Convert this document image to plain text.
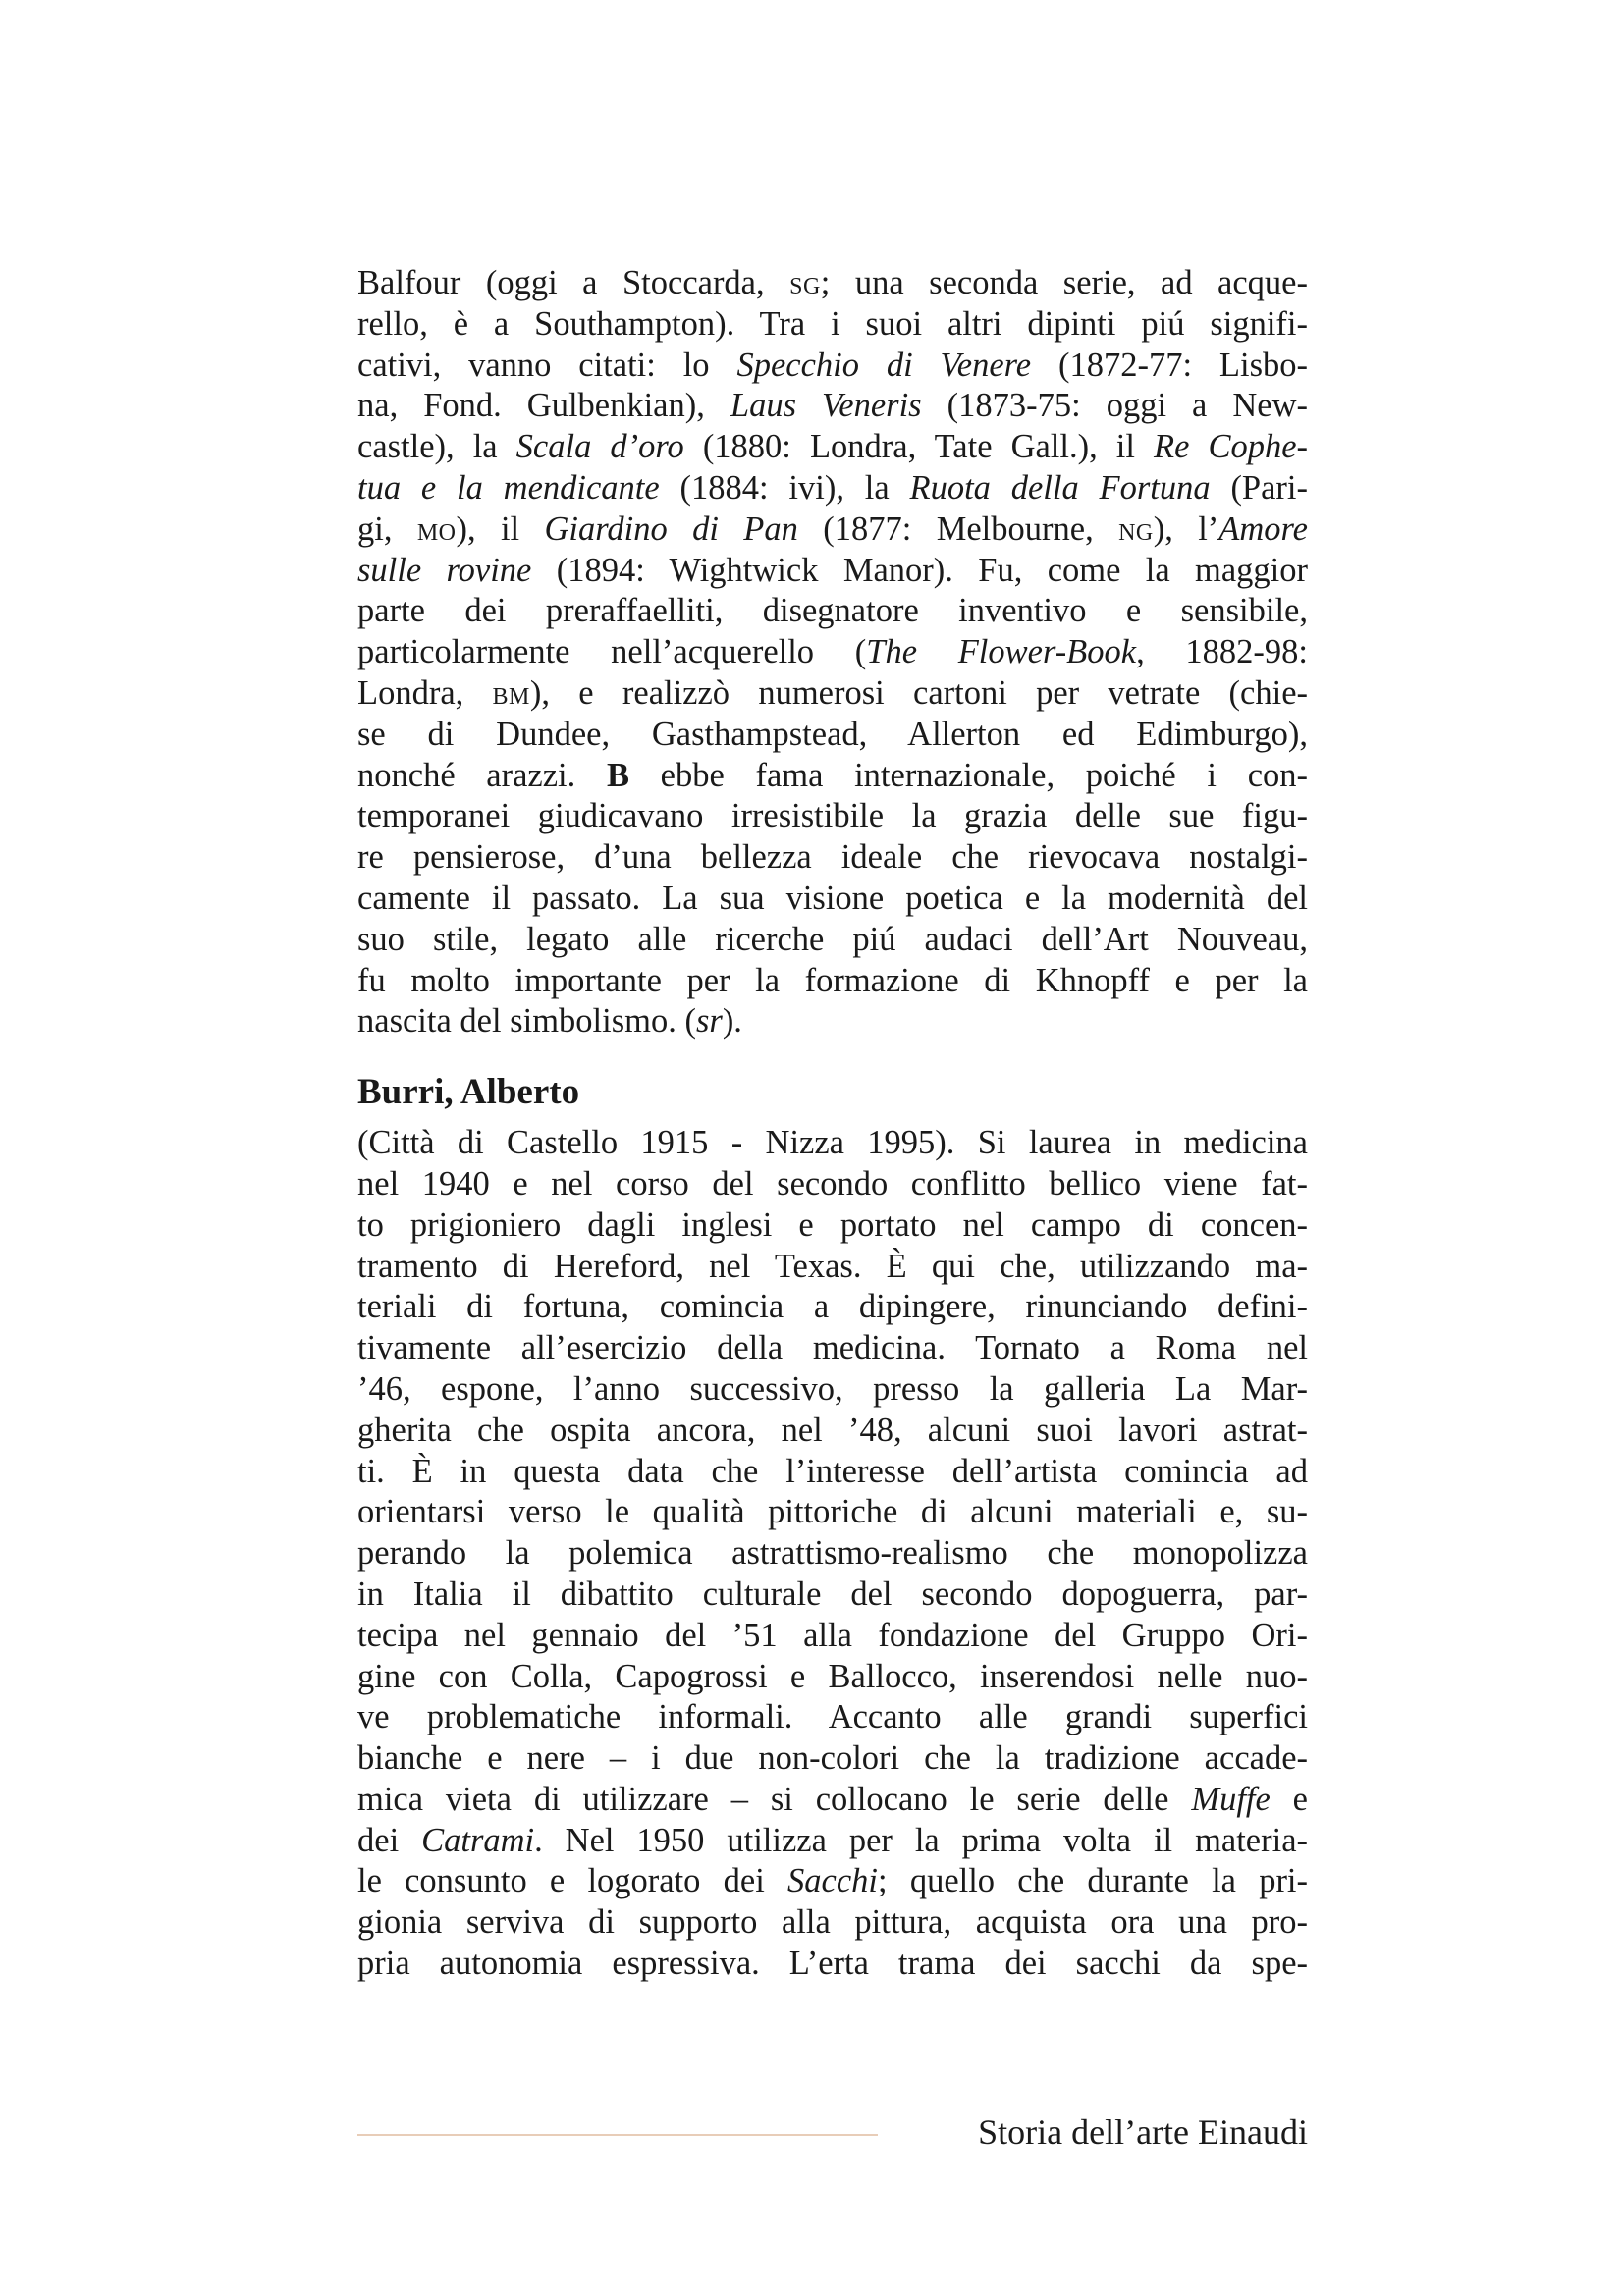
Balfour (oggi a Stoccarda, sg; una seconda serie, ad acque-
rello, è a Southampton). Tra i suoi altri dipinti piú signifi-
cativi, vanno citati: lo Specchio di Venere (1872-77: Lisbo-
na, Fond. Gulbenkian), Laus Veneris (1873-75: oggi a New-
castle), la Scala d’oro (1880: Londra, Tate Gall.), il Re Cophe-
tua e la mendicante (1884: ivi), la Ruota della Fortuna (Pari-
gi, mo), il Giardino di Pan (1877: Melbourne, ng), l’Amore
sulle rovine (1894: Wightwick Manor). Fu, come la maggior
parte dei preraffaelliti, disegnatore inventivo e sensibile,
particolarmente nell’acquerello (The Flower-Book, 1882-98:
Londra, bm), e realizzò numerosi cartoni per vetrate (chie-
se di Dundee, Gasthampstead, Allerton ed Edimburgo),
nonché arazzi. B ebbe fama internazionale, poiché i con-
temporanei giudicavano irresistibile la grazia delle sue figu-
re pensierose, d’una bellezza ideale che rievocava nostalgi-
camente il passato. La sua visione poetica e la modernità del
suo stile, legato alle ricerche piú audaci dell’Art Nouveau,
fu molto importante per la formazione di Khnopff e per la
nascita del simbolismo. (sr).
Burri, Alberto
(Città di Castello 1915 - Nizza 1995). Si laurea in medicina
nel 1940 e nel corso del secondo conflitto bellico viene fat-
to prigioniero dagli inglesi e portato nel campo di concen-
tramento di Hereford, nel Texas. È qui che, utilizzando ma-
teriali di fortuna, comincia a dipingere, rinunciando defini-
tivamente all’esercizio della medicina. Tornato a Roma nel
’46, espone, l’anno successivo, presso la galleria La Mar-
gherita che ospita ancora, nel ’48, alcuni suoi lavori astrat-
ti. È in questa data che l’interesse dell’artista comincia ad
orientarsi verso le qualità pittoriche di alcuni materiali e, su-
perando la polemica astrattismo-realismo che monopolizza
in Italia il dibattito culturale del secondo dopoguerra, par-
tecipa nel gennaio del ’51 alla fondazione del Gruppo Ori-
gine con Colla, Capogrossi e Ballocco, inserendosi nelle nuo-
ve problematiche informali. Accanto alle grandi superfici
bianche e nere – i due non-colori che la tradizione accade-
mica vieta di utilizzare – si collocano le serie delle Muffe e
dei Catrami. Nel 1950 utilizza per la prima volta il materia-
le consunto e logorato dei Sacchi; quello che durante la pri-
gionia serviva di supporto alla pittura, acquista ora una pro-
pria autonomia espressiva. L’erta trama dei sacchi da spe-
Storia dell’arte Einaudi
